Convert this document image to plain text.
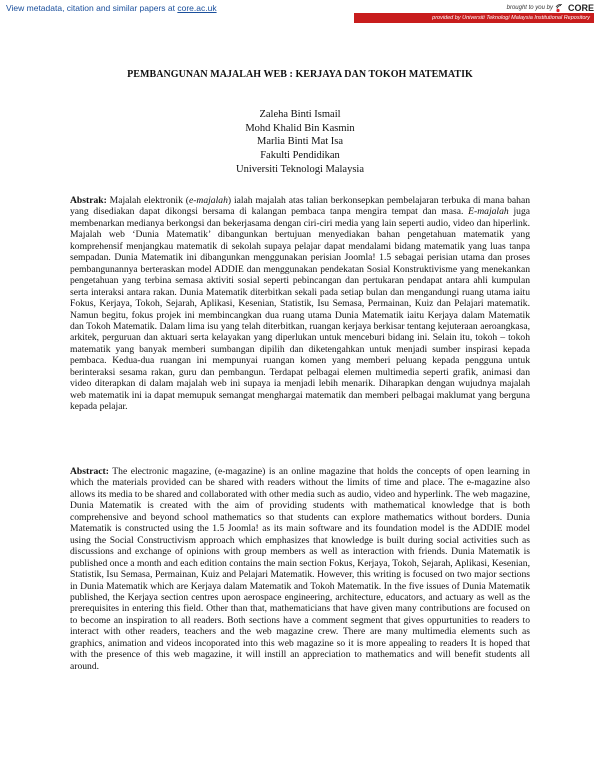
View metadata, citation and similar papers at core.ac.uk	brought to you by CORE
provided by Universiti Teknologi Malaysia Institutional Repository
PEMBANGUNAN MAJALAH WEB : KERJAYA DAN TOKOH MATEMATIK
Zaleha Binti Ismail
Mohd Khalid Bin Kasmin
Marlia Binti Mat Isa
Fakulti Pendidikan
Universiti Teknologi Malaysia
Abstrak: Majalah elektronik (e-majalah) ialah majalah atas talian berkonsepkan pembelajaran terbuka di mana bahan yang disediakan dapat dikongsi bersama di kalangan pembaca tanpa mengira tempat dan masa. E-majalah juga membenarkan medianya berkongsi dan bekerjasama dengan ciri-ciri media yang lain seperti audio, video dan hiperlink. Majalah web ‘Dunia Matematik’ dibangunkan bertujuan menyediakan bahan pengetahuan matematik yang komprehensif menjangkau matematik di sekolah supaya pelajar dapat mendalami bidang matematik yang luas tanpa sempadan. Dunia Matematik ini dibangunkan menggunakan perisian Joomla! 1.5 sebagai perisian utama dan proses pembangunannya berteraskan model ADDIE dan menggunakan pendekatan Sosial Konstruktivisme yang menekankan pengetahuan yang terbina semasa aktiviti sosial seperti pebincangan dan pertukaran pendapat antara ahli kumpulan serta interaksi antara rakan. Dunia Matematik diterbitkan sekali pada setiap bulan dan mengandungi ruang utama iaitu Fokus, Kerjaya, Tokoh, Sejarah, Aplikasi, Kesenian, Statistik, Isu Semasa, Permainan, Kuiz dan Pelajari matematik. Namun begitu, fokus projek ini membincangkan dua ruang utama Dunia Matematik iaitu Kerjaya dalam Matematik dan Tokoh Matematik. Dalam lima isu yang telah diterbitkan, ruangan kerjaya berkisar tentang kejuteraan aeroangkasa, arkitek, perguruan dan aktuari serta kelayakan yang diperlukan untuk menceburi bidang ini. Selain itu, tokoh – tokoh matematik yang banyak memberi sumbangan dipilih dan diketengahkan untuk menjadi sumber inspirasi kepada pembaca. Kedua-dua ruangan ini mempunyai ruangan komen yang memberi peluang kepada pengguna untuk berinteraksi sesama rakan, guru dan pembangun. Terdapat pelbagai elemen multimedia seperti grafik, animasi dan video diterapkan di dalam majalah web ini supaya ia menjadi lebih menarik. Diharapkan dengan wujudnya majalah web matematik ini ia dapat memupuk semangat menghargai matematik dan memberi pelbagai maklumat yang berguna kepada pelajar.
Abstract: The electronic magazine, (e-magazine) is an online magazine that holds the concepts of open learning in which the materials provided can be shared with readers without the limits of time and place. The e-magazine also allows its media to be shared and collaborated with other media such as audio, video and hyperlink. The web magazine, Dunia Matematik is created with the aim of providing students with mathematical knowledge that is both comprehensive and beyond school mathematics so that students can explore mathematics without borders. Dunia Matematik is constructed using the 1.5 Joomla! as its main software and its foundation model is the ADDIE model using the Social Constructivism approach which emphasizes that knowledge is built during social activities such as discussions and exchange of opinions with group members as well as interaction with friends. Dunia Matematik is published once a month and each edition contains the main section Fokus, Kerjaya, Tokoh, Sejarah, Aplikasi, Kesenian, Statistik, Isu Semasa, Permainan, Kuiz and Pelajari Matematik. However, this writing is focused on two major sections in Dunia Matematik which are Kerjaya dalam Matematik and Tokoh Matematik. In the five issues of Dunia Matematik published, the Kerjaya section centres upon aerospace engineering, architecture, educators, and actuary as well as the prerequisites in entering this field. Other than that, mathematicians that have given many contributions are focused on to become an inspiration to all readers. Both sections have a comment segment that gives oppurtunities to readers to interact with other readers, teachers and the web magazine crew. There are many multimedia elements such as graphics, animation and videos incoporated into this web magazine so it is more appealing to readers It is hoped that with the presence of this web magazine, it will instill an appreciation to mathematics and will benefit students all around.
